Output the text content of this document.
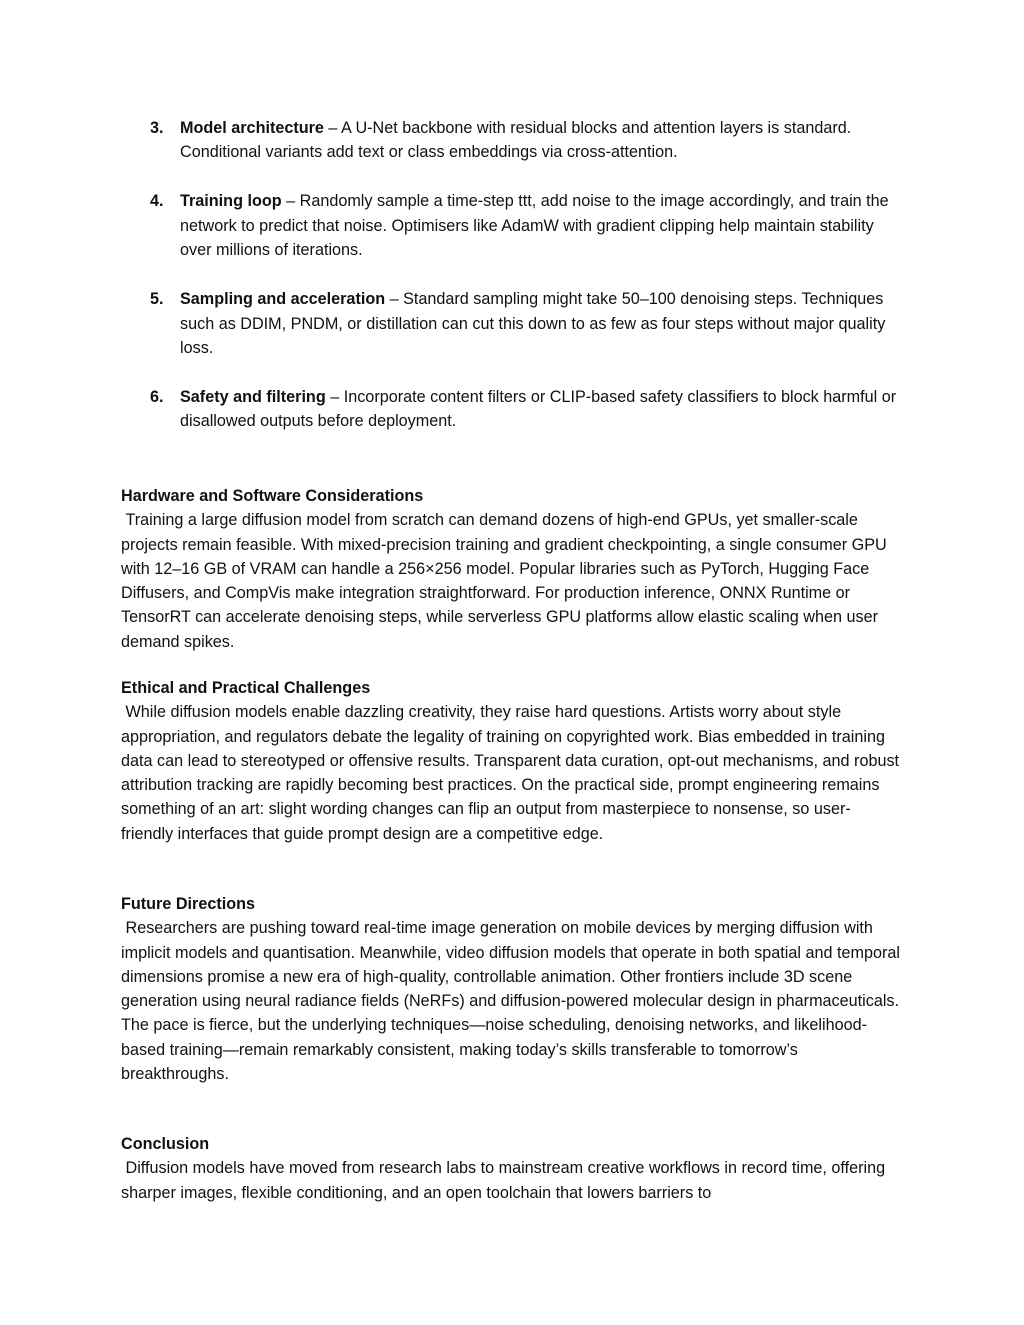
3. Model architecture – A U-Net backbone with residual blocks and attention layers is standard. Conditional variants add text or class embeddings via cross-attention.
4. Training loop – Randomly sample a time-step ttt, add noise to the image accordingly, and train the network to predict that noise. Optimisers like AdamW with gradient clipping help maintain stability over millions of iterations.
5. Sampling and acceleration – Standard sampling might take 50–100 denoising steps. Techniques such as DDIM, PNDM, or distillation can cut this down to as few as four steps without major quality loss.
6. Safety and filtering – Incorporate content filters or CLIP-based safety classifiers to block harmful or disallowed outputs before deployment.
Hardware and Software Considerations
Training a large diffusion model from scratch can demand dozens of high-end GPUs, yet smaller-scale projects remain feasible. With mixed-precision training and gradient checkpointing, a single consumer GPU with 12–16 GB of VRAM can handle a 256×256 model. Popular libraries such as PyTorch, Hugging Face Diffusers, and CompVis make integration straightforward. For production inference, ONNX Runtime or TensorRT can accelerate denoising steps, while serverless GPU platforms allow elastic scaling when user demand spikes.
Ethical and Practical Challenges
While diffusion models enable dazzling creativity, they raise hard questions. Artists worry about style appropriation, and regulators debate the legality of training on copyrighted work. Bias embedded in training data can lead to stereotyped or offensive results. Transparent data curation, opt-out mechanisms, and robust attribution tracking are rapidly becoming best practices. On the practical side, prompt engineering remains something of an art: slight wording changes can flip an output from masterpiece to nonsense, so user-friendly interfaces that guide prompt design are a competitive edge.
Future Directions
Researchers are pushing toward real-time image generation on mobile devices by merging diffusion with implicit models and quantisation. Meanwhile, video diffusion models that operate in both spatial and temporal dimensions promise a new era of high-quality, controllable animation. Other frontiers include 3D scene generation using neural radiance fields (NeRFs) and diffusion-powered molecular design in pharmaceuticals. The pace is fierce, but the underlying techniques—noise scheduling, denoising networks, and likelihood-based training—remain remarkably consistent, making today’s skills transferable to tomorrow’s breakthroughs.
Conclusion
Diffusion models have moved from research labs to mainstream creative workflows in record time, offering sharper images, flexible conditioning, and an open toolchain that lowers barriers to
